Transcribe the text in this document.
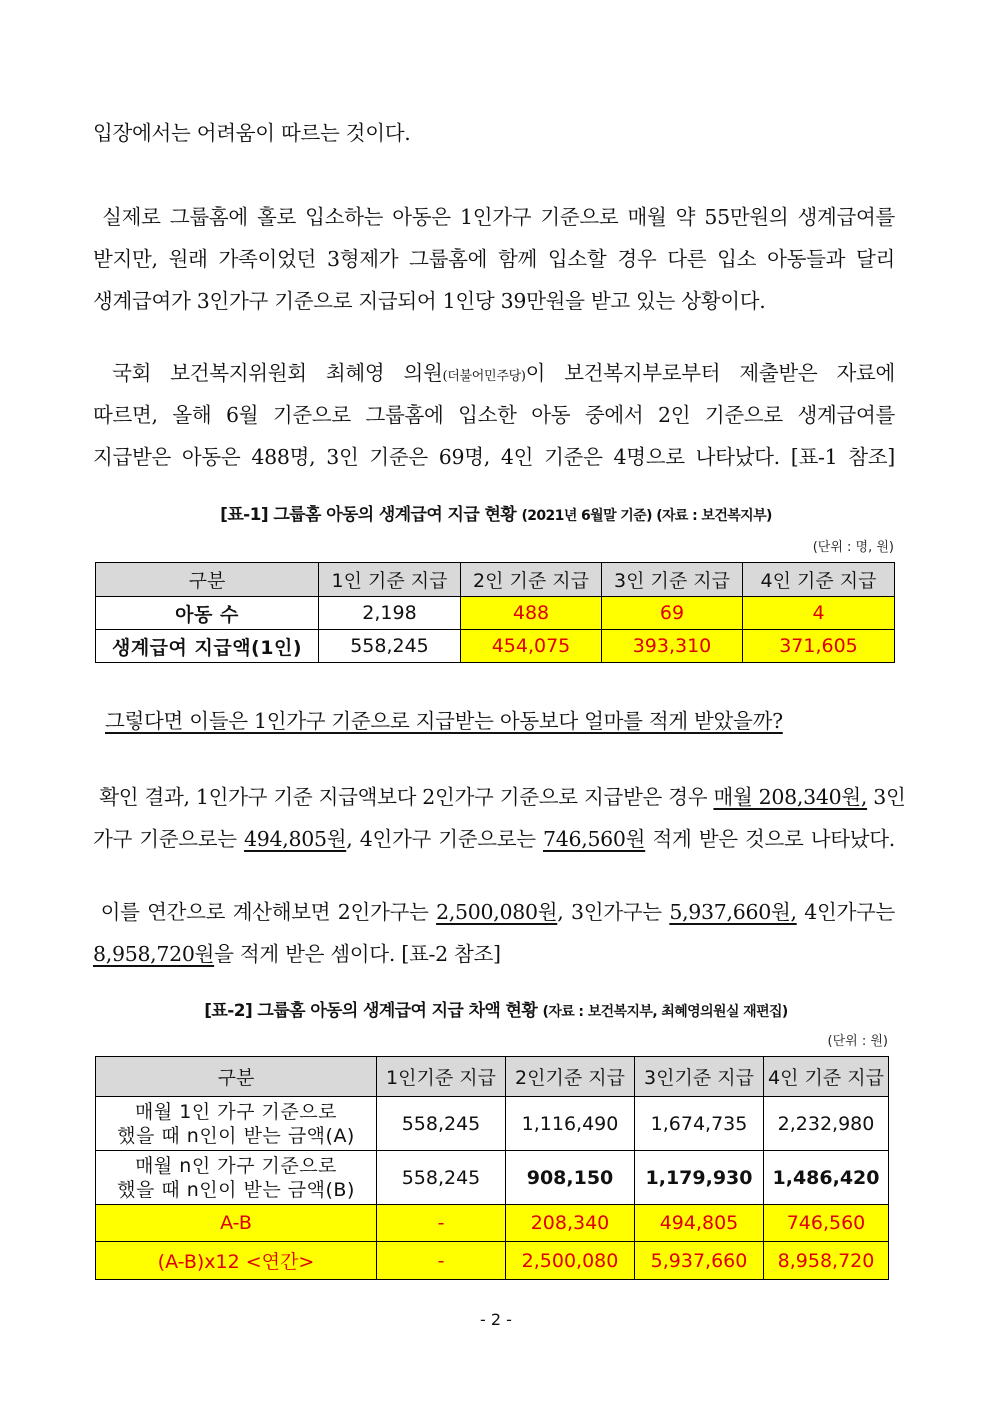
입장에서는 어려움이 따르는 것이다.
실제로 그룹홈에 홀로 입소하는 아동은 1인가구 기준으로 매월 약 55만원의 생계급여를
받지만, 원래 가족이었던 3형제가 그룹홈에 함께 입소할 경우 다른 입소 아동들과 달리
생계급여가 3인가구 기준으로 지급되어 1인당 39만원을 받고 있는 상황이다.
국회 보건복지위원회 최혜영 의원(더불어민주당)이 보건복지부로부터 제출받은 자료에
따르면, 올해 6월 기준으로 그룹홈에 입소한 아동 중에서 2인 기준으로 생계급여를
지급받은 아동은 488명, 3인 기준은 69명, 4인 기준은 4명으로 나타났다. [표-1 참조]
[표-1] 그룹홈 아동의 생계급여 지급 현황 (2021년 6월말 기준) (자료 : 보건복지부)
(단위 : 명, 원)
구분	1인 기준 지급	2인 기준 지급	3인 기준 지급	4인 기준 지급
아동 수	2,198	488	69	4
생계급여 지급액(1인)	558,245	454,075	393,310	371,605
그렇다면 이들은 1인가구 기준으로 지급받는 아동보다 얼마를 적게 받았을까?
확인 결과, 1인가구 기준 지급액보다 2인가구 기준으로 지급받은 경우 매월 208,340원, 3인
가구 기준으로는 494,805원, 4인가구 기준으로는 746,560원 적게 받은 것으로 나타났다.
이를 연간으로 계산해보면 2인가구는 2,500,080원, 3인가구는 5,937,660원, 4인가구는
8,958,720원을 적게 받은 셈이다. [표-2 참조]
[표-2] 그룹홈 아동의 생계급여 지급 차액 현황 (자료 : 보건복지부, 최혜영의원실 재편집)
(단위 : 원)
구분	1인기준 지급	2인기준 지급	3인기준 지급	4인 기준 지급

매월 1인 가구 기준으로
했을 때 n인이 받는 금액(A)	558,245	1,116,490	1,674,735	2,232,980

매월 n인 가구 기준으로
했을 때 n인이 받는 금액(B)	558,245	908,150	1,179,930	1,486,420
A-B	-	208,340	494,805	746,560
(A-B)x12 <연간>	-	2,500,080	5,937,660	8,958,720
- 2 -
